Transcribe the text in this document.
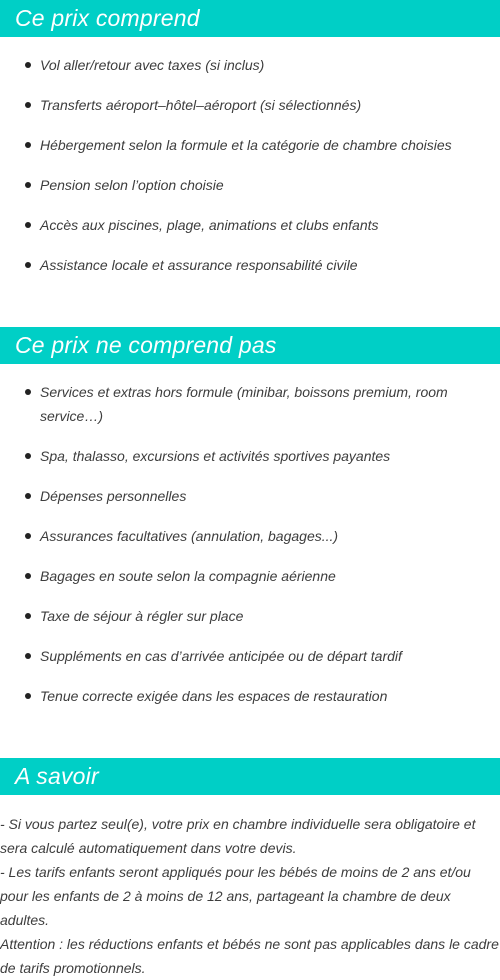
Ce prix comprend
Vol aller/retour avec taxes (si inclus)
Transferts aéroport–hôtel–aéroport (si sélectionnés)
Hébergement selon la formule et la catégorie de chambre choisies
Pension selon l’option choisie
Accès aux piscines, plage, animations et clubs enfants
Assistance locale et assurance responsabilité civile
Ce prix ne comprend pas
Services et extras hors formule (minibar, boissons premium, room service…)
Spa, thalasso, excursions et activités sportives payantes
Dépenses personnelles
Assurances facultatives (annulation, bagages...)
Bagages en soute selon la compagnie aérienne
Taxe de séjour à régler sur place
Suppléments en cas d’arrivée anticipée ou de départ tardif
Tenue correcte exigée dans les espaces de restauration
A savoir

- Si vous partez seul(e), votre prix en chambre individuelle sera obligatoire et sera calculé automatiquement dans votre devis.

- Les tarifs enfants seront appliqués pour les bébés de moins de 2 ans et/ou pour les enfants de 2 à moins de 12 ans, partageant la chambre de deux adultes.

Attention : les réductions enfants et bébés ne sont pas applicables dans le cadre de tarifs promotionnels.
